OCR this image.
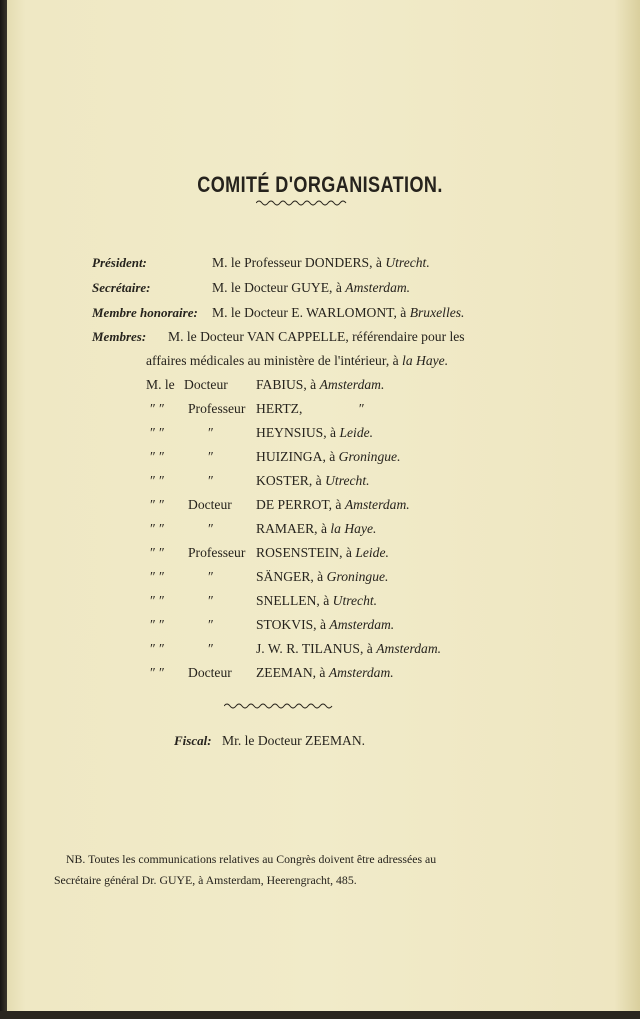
COMITÉ D'ORGANISATION.
Président:	M. le Professeur DONDERS, à Utrecht.
Secrétaire:	M. le Docteur GUYE, à Amsterdam.
Membre honoraire: M. le Docteur E. WARLOMONT, à Bruxelles.
Membres: M. le Docteur VAN CAPPELLE, référendaire pour les
affaires médicales au ministère de l'intérieur, à la Haye.
M. le Docteur FABIUS, à Amsterdam.
″ ″ Professeur HERTZ,	″
″ ″	″	HEYNSIUS, à Leide.
″ ″	″	HUIZINGA, à Groningue.
″ ″	″	KOSTER, à Utrecht.
″ ″ Docteur DE PERROT, à Amsterdam.
″ ″	″	RAMAER, à la Haye.
″ ″ Professeur ROSENSTEIN, à Leide.
″ ″	″	SÄNGER, à Groningue.
″ ″	″	SNELLEN, à Utrecht.
″ ″	″	STOKVIS, à Amsterdam.
″ ″	″	J. W. R. TILANUS, à Amsterdam.
″ ″ Docteur ZEEMAN, à Amsterdam.
Fiscal: Mr. le Docteur ZEEMAN.
NB. Toutes les communications relatives au Congrès doivent être adressées au
Secrétaire général Dr. GUYE, à Amsterdam, Heerengracht, 485.
